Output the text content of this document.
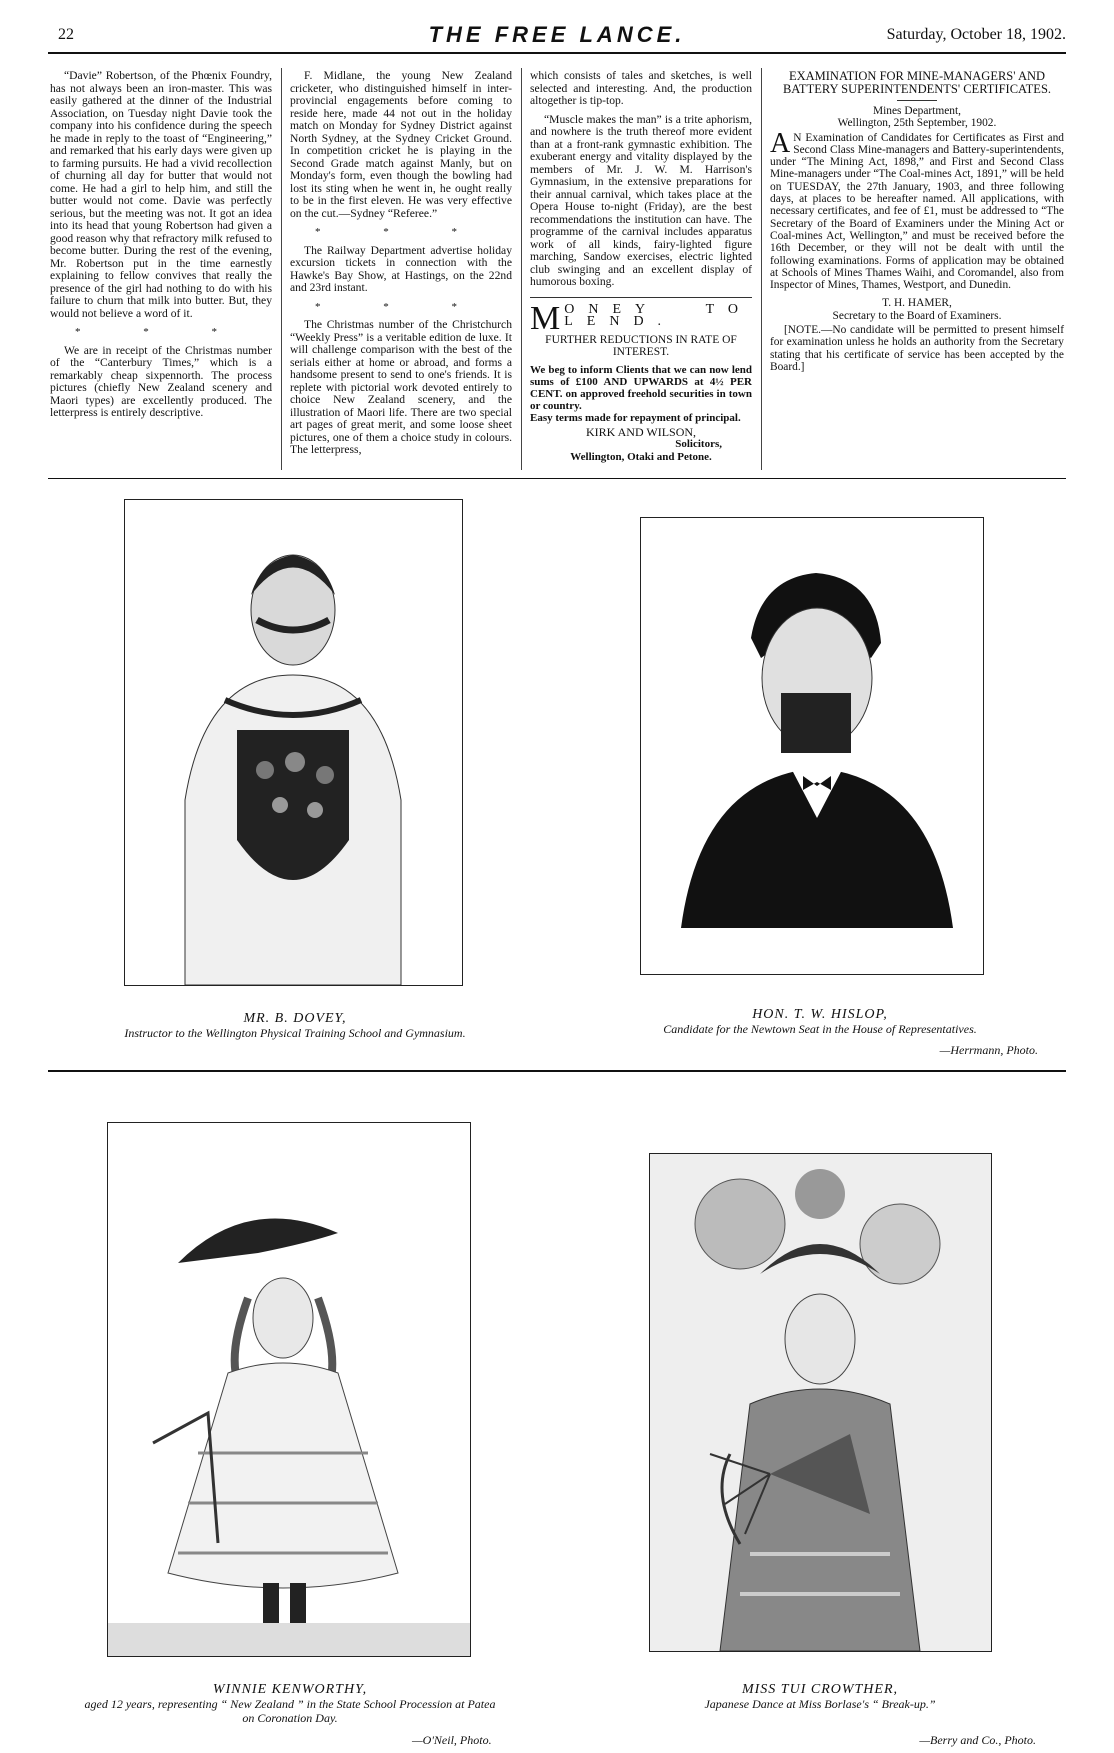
22	THE FREE LANCE.	Saturday, October 18, 1902.

“Davie” Robertson, of the Phœnix Foundry, has not always been an iron-master. This was easily gathered at the dinner of the Industrial Association, on Tuesday night Davie took the company into his confidence during the speech he made in reply to the toast of “Engineering,” and remarked that his early days were given up to farming pursuits. He had a vivid recollection of churning all day for butter that would not come. He had a girl to help him, and still the butter would not come. Davie was perfectly serious, but the meeting was not. It got an idea into its head that young Robertson had given a good reason why that refractory milk refused to become butter. During the rest of the evening, Mr. Robertson put in the time earnestly explaining to fellow convives that really the presence of the girl had nothing to do with his failure to churn that milk into butter. But, they would not believe a word of it.

* * *

We are in receipt of the Christmas number of the “Canterbury Times,” which is a remarkably cheap sixpennorth. The process pictures (chiefly New Zealand scenery and Maori types) are excellently produced. The letterpress is entirely descriptive.

F. Midlane, the young New Zealand cricketer, who distinguished himself in inter-provincial engagements before coming to reside here, made 44 not out in the holiday match on Monday for Sydney District against North Sydney, at the Sydney Cricket Ground. In competition cricket he is playing in the Second Grade match against Manly, but on Monday's form, even though the bowling had lost its sting when he went in, he ought really to be in the first eleven. He was very effective on the cut.—Sydney “Referee.”

* * *

The Railway Department advertise holiday excursion tickets in connection with the Hawke's Bay Show, at Hastings, on the 22nd and 23rd instant.

* * *

The Christmas number of the Christchurch “Weekly Press” is a veritable edition de luxe. It will challenge comparison with the best of the serials either at home or abroad, and forms a handsome present to send to one's friends. It is replete with pictorial work devoted entirely to choice New Zealand scenery, and the illustration of Maori life. There are two special art pages of great merit, and some loose sheet pictures, one of them a choice study in colours. The letterpress,

which consists of tales and sketches, is well selected and interesting. And, the production altogether is tip-top.

“Muscle makes the man” is a trite aphorism, and nowhere is the truth thereof more evident than at a front-rank gymnastic exhibition. The exuberant energy and vitality displayed by the members of Mr. J. W. M. Harrison's Gymnasium, in the extensive preparations for their annual carnival, which takes place at the Opera House to-night (Friday), are the best recommendations the institution can have. The programme of the carnival includes apparatus work of all kinds, fairy-lighted figure marching, Sandow exercises, electric lighted club swinging and an excellent display of humorous boxing.

M ONEY TO LEND.
FURTHER REDUCTIONS IN RATE OF INTEREST.
We beg to inform Clients that we can now lend sums of £100 AND UPWARDS at 4½ PER CENT. on approved freehold securities in town or country.
Easy terms made for repayment of principal.
KIRK AND WILSON,
Solicitors,
Wellington, Otaki and Petone.
EXAMINATION FOR MINE-MANAGERS' AND BATTERY SUPERINTENDENTS' CERTIFICATES.
Mines Department,
Wellington, 25th September, 1902.

A N Examination of Candidates for Certificates as First and Second Class Mine-managers and Battery-superintendents, under “The Mining Act, 1898,” and First and Second Class Mine-managers under “The Coal-mines Act, 1891,” will be held on TUESDAY, the 27th January, 1903, and three following days, at places to be hereafter named. All applications, with necessary certificates, and fee of £1, must be addressed to “The Secretary of the Board of Examiners under the Mining Act or Coal-mines Act, Wellington,” and must be received before the 16th December, or they will not be dealt with until the following examinations. Forms of application may be obtained at Schools of Mines Thames Waihi, and Coromandel, also from Inspector of Mines, Thames, Westport, and Dunedin.

T. H. HAMER,
Secretary to the Board of Examiners.

[NOTE.—No candidate will be permitted to present himself for examination unless he holds an authority from the Secretary stating that his certificate of service has been accepted by the Board.]

MR. B. DOVEY,
Instructor to the Wellington Physical Training School and Gymnasium.
HON. T. W. HISLOP,
Candidate for the Newtown Seat in the House of Representatives.
—Herrmann, Photo.
WINNIE KENWORTHY,
aged 12 years, representing “ New Zealand ” in the State School Procession at Patea on Coronation Day.
—O'Neil, Photo.
MISS TUI CROWTHER,
Japanese Dance at Miss Borlase's “ Break-up.”
—Berry and Co., Photo.
